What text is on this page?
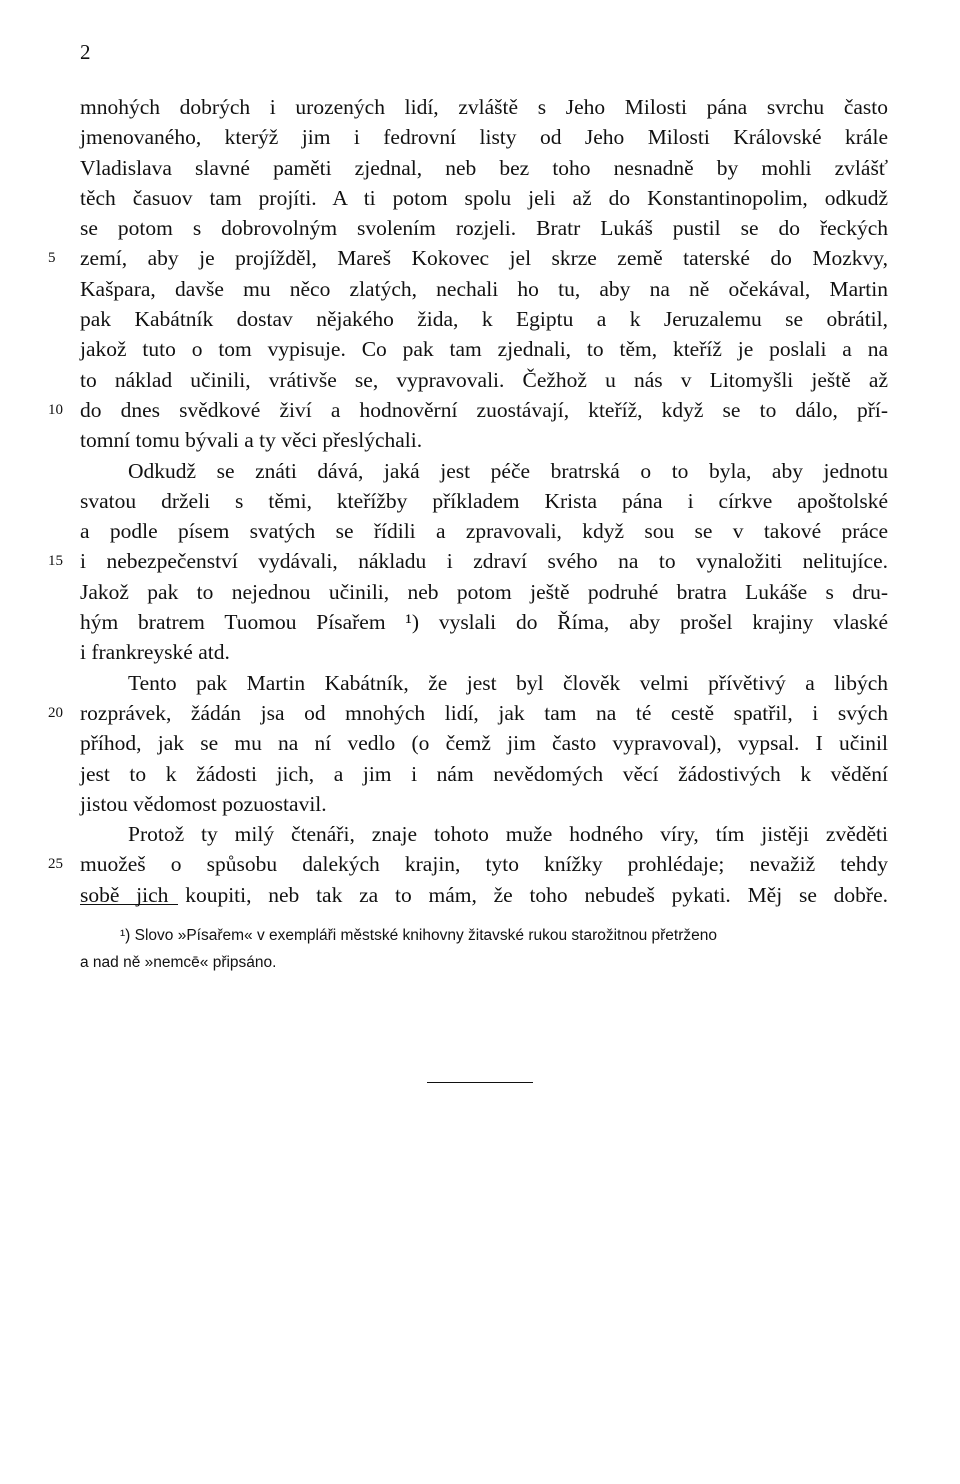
2
mnohých dobrých i urozených lidí, zvláště s Jeho Milosti pána svrchu často
jmenovaného, kterýž jim i fedrovní listy od Jeho Milosti Královské krále
Vladislava slavné paměti zjednal, neb bez toho nesnadně by mohli zvlášť
těch časuov tam projíti. A ti potom spolu jeli až do Konstantinopolim, odkudž
se potom s dobrovolným svolením rozjeli. Bratr Lukáš pustil se do řeckých
5	zemí, aby je projížděl, Mareš Kokovec jel skrze země taterské do Mozkvy,
Kašpara, davše mu něco zlatých, nechali ho tu, aby na ně očekával, Martin
pak Kabátník dostav nějakého žida, k Egiptu a k Jeruzalemu se obrátil,
jakož tuto o tom vypisuje. Co pak tam zjednali, to těm, kteříž je poslali a na
to náklad učinili, vrátivše se, vypravovali. Čežhož u nás v Litomyšli ještě až
10 do dnes svědkové živí a hodnověrní zuostávají, kteříž, když se to dálo, pří-
tomní tomu bývali a ty věci přeslýchali.
Odkudž se znáti dává, jaká jest péče bratrská o to byla, aby jednotu
svatou drželi s těmi, kteřížby příkladem Krista pána i církve apoštolské
a podle písem svatých se řídili a zpravovali, když sou se v takové práce
15 i nebezpečenství vydávali, nákladu i zdraví svého na to vynaložiti nelitujíce.
Jakož pak to nejednou učinili, neb potom ještě podruhé bratra Lukáše s dru-
hým bratrem Tuomou Písařem ¹) vyslali do Říma, aby prošel krajiny vlaské
i frankreyské atd.
Tento pak Martin Kabátník, že jest byl člověk velmi přívětivý a libých
20 rozprávek, žádán jsa od mnohých lidí, jak tam na té cestě spatřil, i svých
příhod, jak se mu na ní vedlo (o čemž jim často vypravoval), vypsal. I učinil
jest to k žádosti jich, a jim i nám nevědomých věcí žádostivých k vědění
jistou vědomost pozuostavil.
Protož ty milý čtenáři, znaje tohoto muže hodného víry, tím jistěji zvěděti
25 muožeš o spůsobu dalekých krajin, tyto knížky prohlédaje; nevažiž tehdy
sobě jich koupiti, neb tak za to mám, že toho nebudeš pykati. Měj se dobře.
¹) Slovo »Písařem« v exempláři městské knihovny žitavské rukou starožitnou přetrženo
a nad ně »nemcē« připsáno.
